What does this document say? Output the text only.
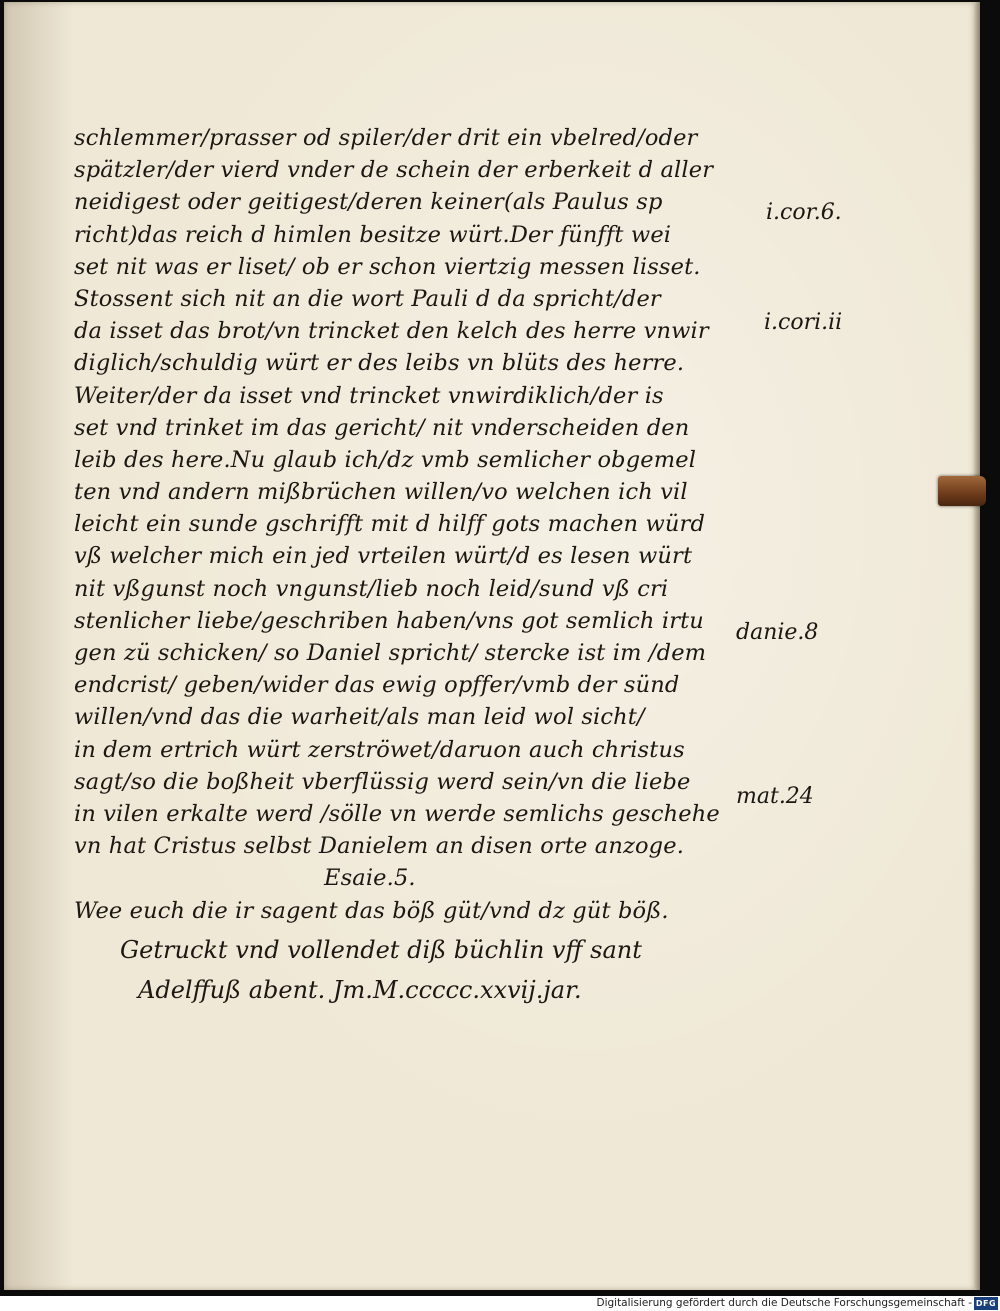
schlemmer/prasser od spiler/der drit ein vbelred/oder
spätzler/der vierd vnder de schein der erberkeit d aller
neidigest oder geitigest/deren keiner(als Paulus sp
richt)das reich d himlen besitze würt.Der fünfft wei
set nit was er liset/ ob er schon viertzig messen lisset.
Stossent sich nit an die wort Pauli d da spricht/der
da isset das brot/vn trincket den kelch des herre vnwir
diglich/schuldig würt er des leibs vn blüts des herre.
Weiter/der da isset vnd trincket vnwirdiklich/der is
set vnd trinket im das gericht/ nit vnderscheiden den
leib des here.Nu glaub ich/dz vmb semlicher obgemel
ten vnd andern mißbrüchen willen/vo welchen ich vil
leicht ein sunde gschrifft mit d hilff gots machen würd
vß welcher mich ein jed vrteilen würt/d es lesen würt
nit vßgunst noch vngunst/lieb noch leid/sund vß cri
stenlicher liebe/geschriben haben/vns got semlich irtu
gen zü schicken/ so Daniel spricht/ stercke ist im /dem
endcrist/ geben/wider das ewig opffer/vmb der sünd
willen/vnd das die warheit/als man leid wol sicht/
in dem ertrich würt zerströwet/daruon auch christus
sagt/so die boßheit vberflüssig werd sein/vn die liebe
in vilen erkalte werd /sölle vn werde semlichs geschehe
vn hat Cristus selbst Danielem an disen orte anzoge.
Esaie.5.
Wee euch die ir sagent das böß güt/vnd dz güt böß.
i.cor.6.
i.cori.ii
danie.8
mat.24
Getruckt vnd vollendet diß büchlin vff sant
Adelffuß abent. Jm.M.ccccc.xxvij.jar.
Digitalisierung gefördert durch die Deutsche Forschungsgemeinschaft - DFG
